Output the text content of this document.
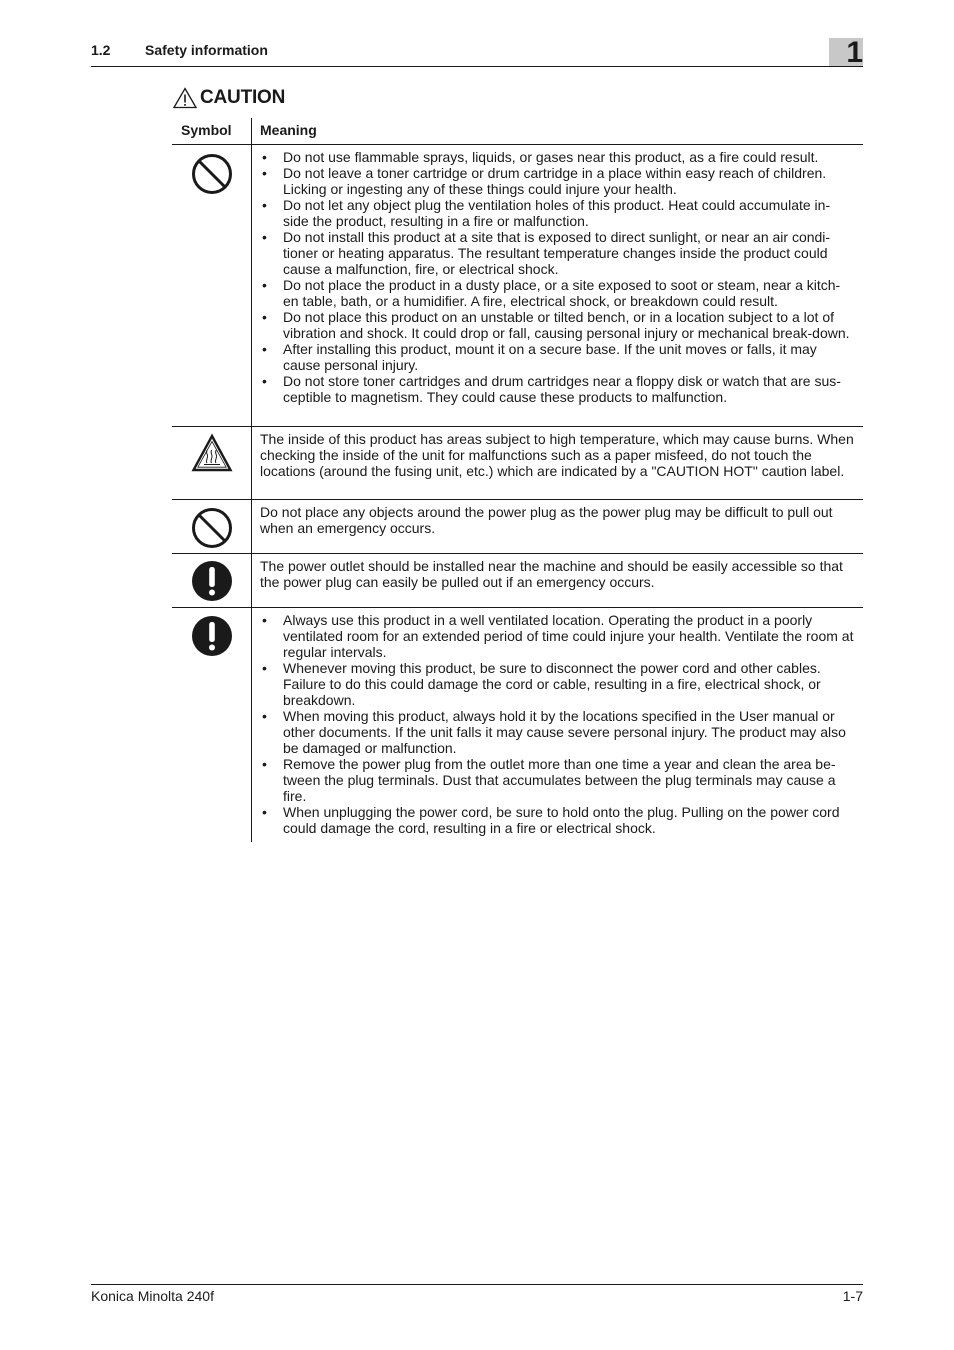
1.2 Safety information	1
CAUTION
Symbol	Meaning
• Do not use flammable sprays, liquids, or gases near this product, as a fire could result.
• Do not leave a toner cartridge or drum cartridge in a place within easy reach of children. Licking or ingesting any of these things could injure your health.
• Do not let any object plug the ventilation holes of this product. Heat could accumulate in-side the product, resulting in a fire or malfunction.
• Do not install this product at a site that is exposed to direct sunlight, or near an air condi-tioner or heating apparatus. The resultant temperature changes inside the product could cause a malfunction, fire, or electrical shock.
• Do not place the product in a dusty place, or a site exposed to soot or steam, near a kitch-en table, bath, or a humidifier. A fire, electrical shock, or breakdown could result.
• Do not place this product on an unstable or tilted bench, or in a location subject to a lot of vibration and shock. It could drop or fall, causing personal injury or mechanical break-down.
• After installing this product, mount it on a secure base. If the unit moves or falls, it may cause personal injury.
• Do not store toner cartridges and drum cartridges near a floppy disk or watch that are sus-ceptible to magnetism. They could cause these products to malfunction.

The inside of this product has areas subject to high temperature, which may cause burns. When checking the inside of the unit for malfunctions such as a paper misfeed, do not touch the locations (around the fusing unit, etc.) which are indicated by a "CAUTION HOT" caution label.

Do not place any objects around the power plug as the power plug may be difficult to pull out when an emergency occurs.

The power outlet should be installed near the machine and should be easily accessible so that the power plug can easily be pulled out if an emergency occurs.

• Always use this product in a well ventilated location. Operating the product in a poorly ventilated room for an extended period of time could injure your health. Ventilate the room at regular intervals.
• Whenever moving this product, be sure to disconnect the power cord and other cables. Failure to do this could damage the cord or cable, resulting in a fire, electrical shock, or breakdown.
• When moving this product, always hold it by the locations specified in the User manual or other documents. If the unit falls it may cause severe personal injury. The product may also be damaged or malfunction.
• Remove the power plug from the outlet more than one time a year and clean the area be-tween the plug terminals. Dust that accumulates between the plug terminals may cause a fire.
• When unplugging the power cord, be sure to hold onto the plug. Pulling on the power cord could damage the cord, resulting in a fire or electrical shock.
Konica Minolta 240f	1-7
